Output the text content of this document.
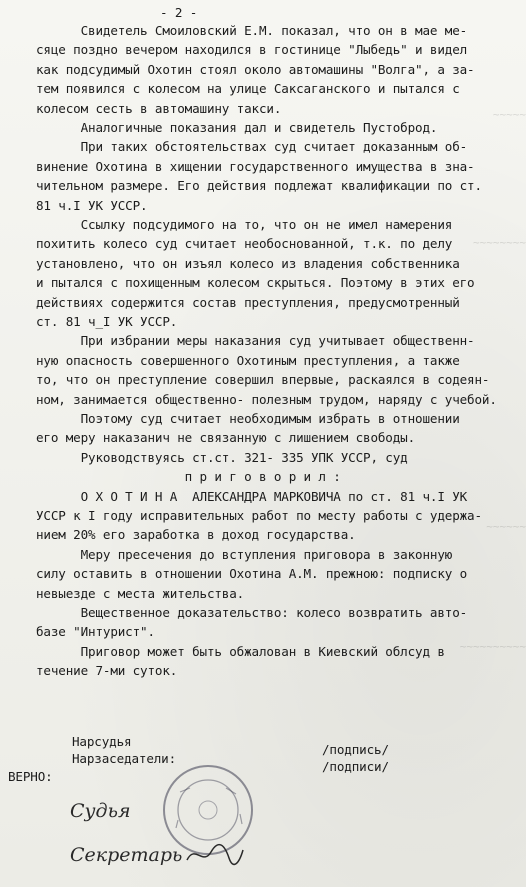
- 2 -
Свидетель Смоиловский Е.М. показал, что он в мае ме-
сяце поздно вечером находился в гостинице "Лыбедь" и видел
как подсудимый Охотин стоял около автомашины "Волга", а за-
тем появился с колесом на улице Саксаганского и пытался с
колесом сесть в автомашину такси.
Аналогичные показания дал и свидетель Пустоброд.
При таких обстоятельствах суд считает доказанным об-
винение Охотина в хищении государственного имущества в зна-
чительном размере. Его действия подлежат квалификации по ст.
81 ч.I УК УССР.
Ссылку подсудимого на то, что он не имел намерения
похитить колесо суд считает необоснованной, т.к. по делу
установлено, что он изъял колесо из владения собственника
и пытался с похищенным колесом скрыться. Поэтому в этих его
действиях содержится состав преступления, предусмотренный
ст. 81 ч_I УК УССР.
При избрании меры наказания суд учитывает общественн-
ную опасность совершенного Охотиным преступления, а также
то, что он преступление совершил впервые, раскаялся в содеян-
ном, занимается общественно- полезным трудом, наряду с учебой.
Поэтому суд считает необходимым избрать в отношении
его меру наказанич не связанную с лишением свободы.
Руководствуясь ст.ст. 321- 335 УПК УССР, суд
п р и г о в о р и л :
О Х О Т И Н А  АЛЕКСАНДРА МАРКОВИЧА по ст. 81 ч.I УК
УССР к I году исправительных работ по месту работы с удержа-
нием 20% его заработка в доход государства.
Меру пресечения до вступления приговора в законную
силу оставить в отношении Охотина А.М. прежною: подписку о
невыезде с места жительства.
Вещественное доказательство: колесо возвратить авто-
базе "Интурист".
Приговор может быть обжалован в Киевский облсуд в
течение 7-ми суток.
~~~~~
~~~~~~~~
~~~~~~
~~~~~~~~~~
Нарсудья
Нарзаседатели:
/подпись/
/подписи/
ВЕРНО:
Судья
Секретарь
